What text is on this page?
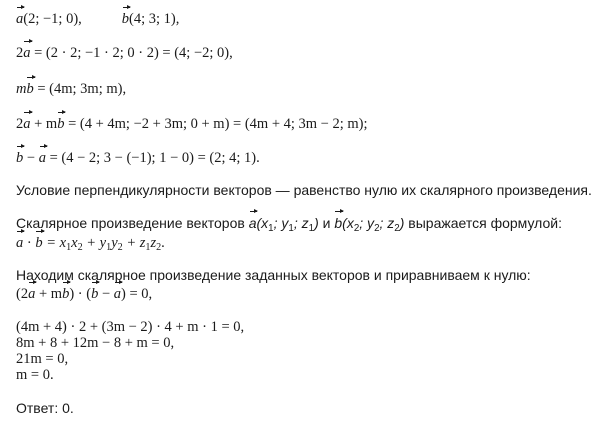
a(2; −1; 0),	b(4; 3; 1),
2a = (2 · 2; −1 · 2; 0 · 2) = (4; −2; 0),
mb = (4m; 3m; m),
2a + mb = (4 + 4m; −2 + 3m; 0 + m) = (4m + 4; 3m − 2; m);
b − a = (4 − 2; 3 − (−1); 1 − 0) = (2; 4; 1).
Условие перпендикулярности векторов — равенство нулю их скалярного произведения.
Скалярное произведение векторов $a(x_1$; $y_1$; $z_1$) и $b(x_2$; $y_2$; $z_2$) выражается формулой:
$a \cdot b = x_1x_2 + y_1y_2 + z_1z_2$.
Находим скалярное произведение заданных векторов и приравниваем к нулю:
(2a + mb) · (b − a) = 0,
(4m + 4) · 2 + (3m − 2) · 4 + m · 1 = 0,
8m + 8 + 12m − 8 + m = 0,
21m = 0,
m = 0.
Ответ: 0.
